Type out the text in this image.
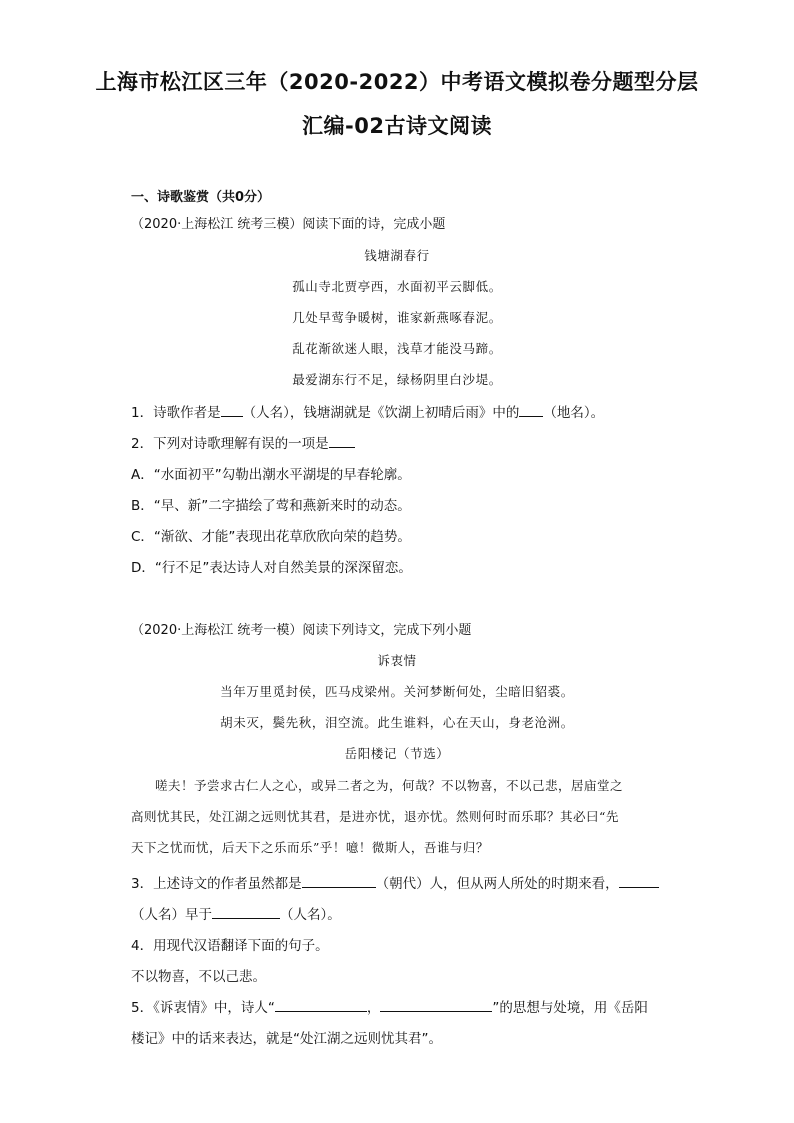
上海市松江区三年（2020-2022）中考语文模拟卷分题型分层
汇编-02古诗文阅读
一、诗歌鉴赏（共0分）
（2020·上海松江 统考三模）阅读下面的诗，完成小题
钱塘湖春行
孤山寺北贾亭西，水面初平云脚低。
几处早莺争暖树，谁家新燕啄春泥。
乱花渐欲迷人眼，浅草才能没马蹄。
最爱湖东行不足，绿杨阴里白沙堤。
1．诗歌作者是 （人名），钱塘湖就是《饮湖上初晴后雨》中的 （地名）。
2．下列对诗歌理解有误的一项是
A．“水面初平”勾勒出潮水平湖堤的早春轮廓。
B．“早、新”二字描绘了莺和燕新来时的动态。
C．“渐欲、才能”表现出花草欣欣向荣的趋势。
D．“行不足”表达诗人对自然美景的深深留恋。
（2020·上海松江 统考一模）阅读下列诗文，完成下列小题
诉衷情
当年万里觅封侯，匹马戍梁州。关河梦断何处，尘暗旧貂裘。
胡未灭，鬓先秋，泪空流。此生谁料，心在天山，身老沧洲。
岳阳楼记（节选）
嗟夫！予尝求古仁人之心，或异二者之为，何哉？不以物喜，不以己悲，居庙堂之
高则忧其民，处江湖之远则忧其君，是进亦忧，退亦忧。然则何时而乐耶？其必曰“先
天下之忧而忧，后天下之乐而乐”乎！噫！微斯人，吾谁与归？
3．上述诗文的作者虽然都是	（朝代）人，但从两人所处的时期来看，
（人名）早于	（人名）。
4．用现代汉语翻译下面的句子。
不以物喜，不以己悲。
5．《诉衷情》中，诗人“	，	”的思想与处境，用《岳阳
楼记》中的话来表达，就是“处江湖之远则忧其君”。
